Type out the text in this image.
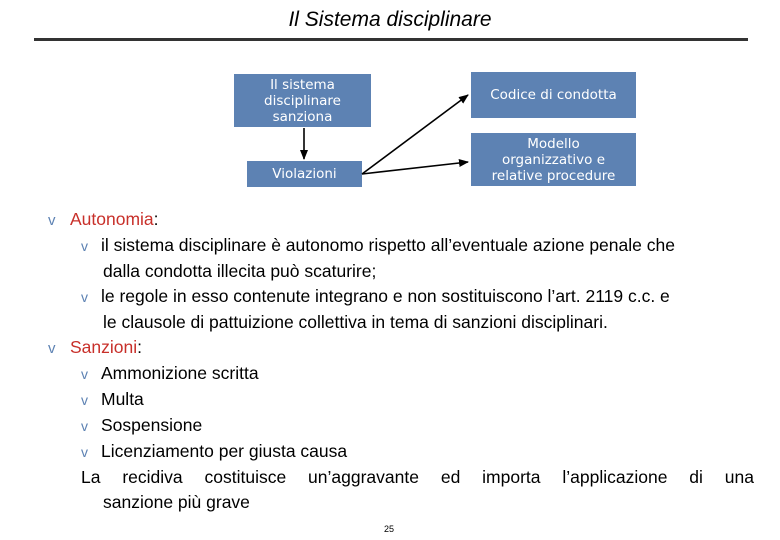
Il Sistema disciplinare
Il sistema
disciplinare
sanziona
Codice di condotta
Violazioni
Modello
organizzativo e
relative procedure
v Autonomia:
v il sistema disciplinare è autonomo rispetto all’eventuale azione penale che
dalla condotta illecita può scaturire;
v le regole in esso contenute integrano e non sostituiscono l’art. 2119 c.c. e
le clausole di pattuizione collettiva in tema di sanzioni disciplinari.
v Sanzioni:
v Ammonizione scritta
v Multa
v Sospensione
v Licenziamento per giusta causa
La recidiva costituisce un’aggravante ed importa l’applicazione di una
sanzione più grave
25
